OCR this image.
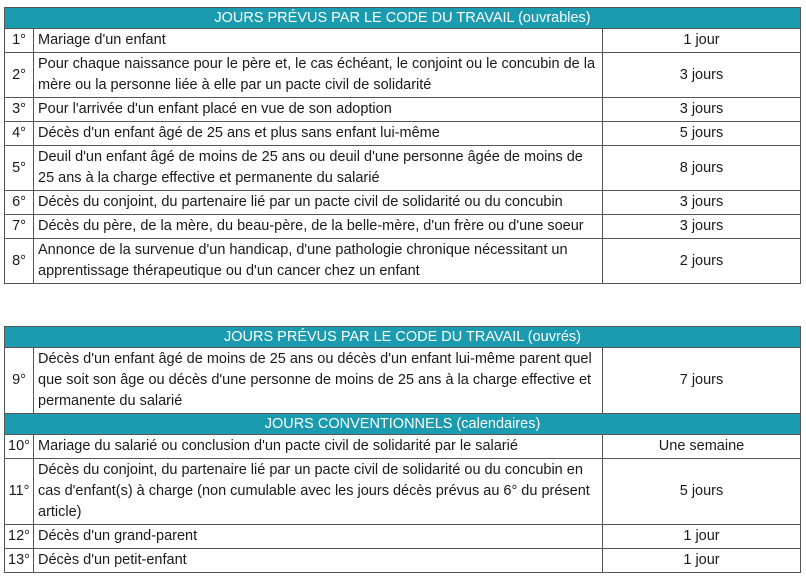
JOURS PRÉVUS PAR LE CODE DU TRAVAIL (ouvrables)		
1°	Mariage d'un enfant	1 jour
2°	Pour chaque naissance pour le père et, le cas échéant, le conjoint ou le concubin de la mère ou la personne liée à elle par un pacte civil de solidarité	3 jours
3°	Pour l'arrivée d'un enfant placé en vue de son adoption	3 jours
4°	Décès d'un enfant âgé de 25 ans et plus sans enfant lui-même	5 jours
5°	Deuil d'un enfant âgé de moins de 25 ans ou deuil d'une personne âgée de moins de 25 ans à la charge effective et permanente du salarié	8 jours
6°	Décès du conjoint, du partenaire lié par un pacte civil de solidarité ou du concubin	3 jours
7°	Décès du père, de la mère, du beau-père, de la belle-mère, d'un frère ou d'une soeur	3 jours
8°	Annonce de la survenue d'un handicap, d'une pathologie chronique nécessitant un apprentissage thérapeutique ou d'un cancer chez un enfant	2 jours
JOURS PRÉVUS PAR LE CODE DU TRAVAIL (ouvrés)		
9°	Décès d'un enfant âgé de moins de 25 ans ou décès d'un enfant lui-même parent quel que soit son âge ou décès d'une personne de moins de 25 ans à la charge effective et permanente du salarié	7 jours
JOURS CONVENTIONNELS (calendaires)		
10°	Mariage du salarié ou conclusion d'un pacte civil de solidarité par le salarié	Une semaine
11°	Décès du conjoint, du partenaire lié par un pacte civil de solidarité ou du concubin en cas d'enfant(s) à charge (non cumulable avec les jours décès prévus au 6° du présent article)	5 jours
12°	Décès d'un grand-parent	1 jour
13°	Décès d'un petit-enfant	1 jour
